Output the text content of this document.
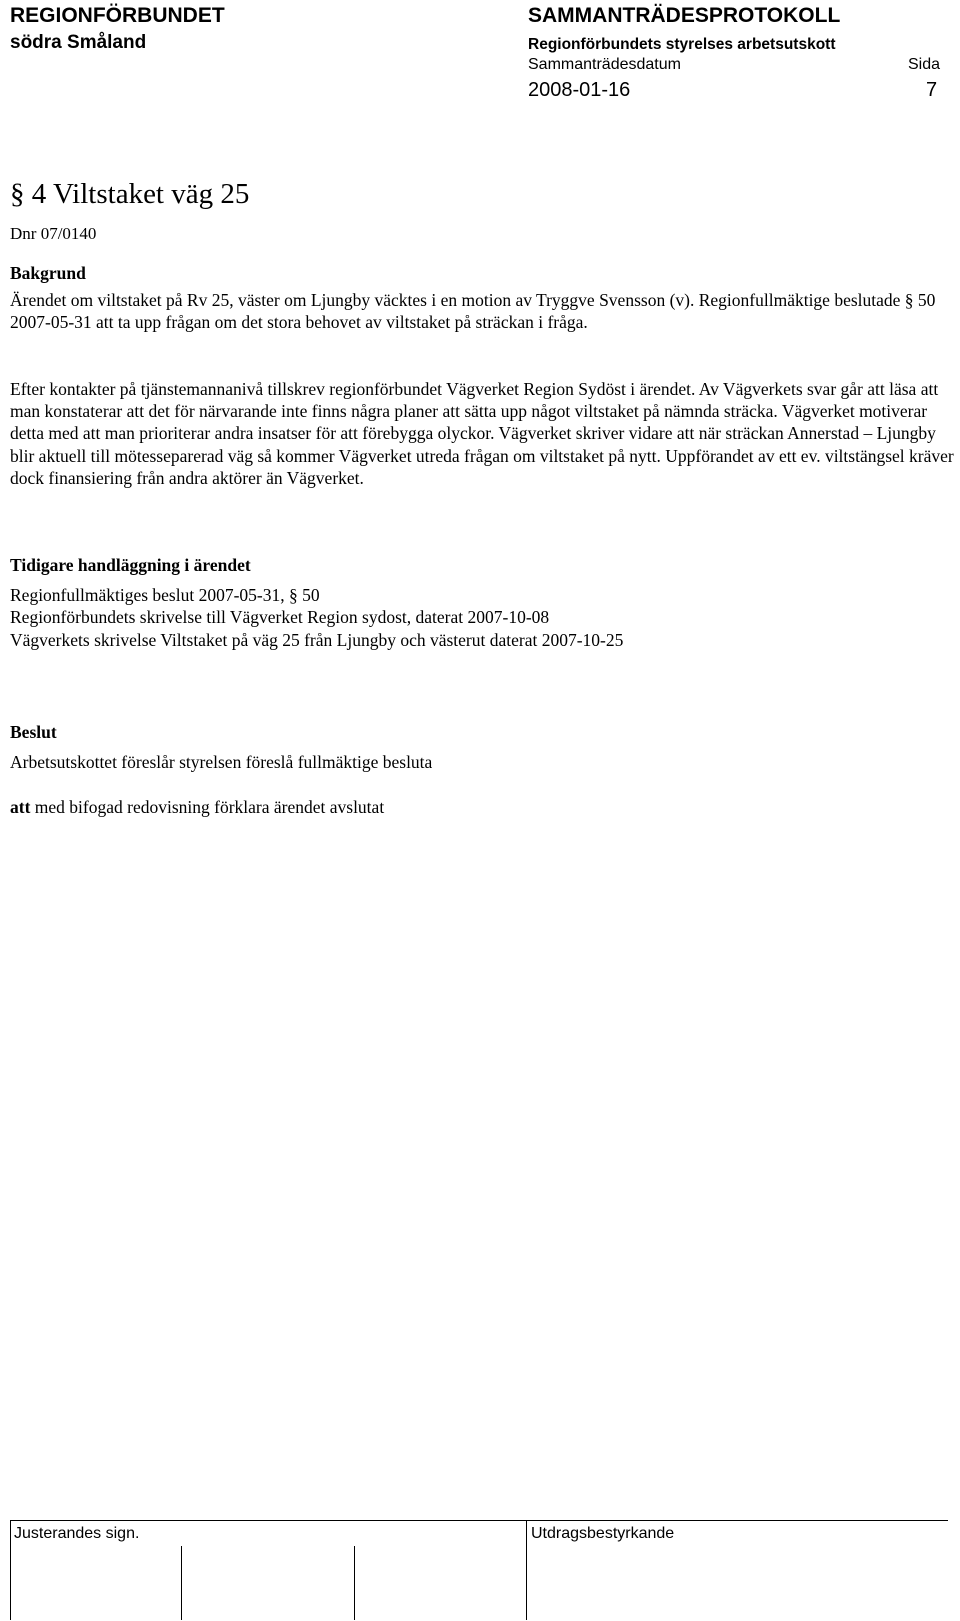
REGIONFÖRBUNDET
södra Småland
SAMMANTRÄDESPROTOKOLL
Regionförbundets styrelses arbetsutskott
Sammanträdesdatum	Sida
2008-01-16	7
§ 4 Viltstaket väg 25
Dnr 07/0140
Bakgrund
Ärendet om viltstaket på Rv 25, väster om Ljungby väcktes i en motion av Tryggve Svensson (v). Regionfullmäktige beslutade § 50 2007-05-31 att ta upp frågan om det stora behovet av viltstaket på sträckan i fråga.
Efter kontakter på tjänstemannanivå tillskrev regionförbundet Vägverket Region Sydöst i ärendet. Av Vägverkets svar går att läsa att man konstaterar att det för närvarande inte finns några planer att sätta upp något viltstaket på nämnda sträcka. Vägverket motiverar detta med att man prioriterar andra insatser för att förebygga olyckor. Vägverket skriver vidare att när sträckan Annerstad – Ljungby blir aktuell till mötesseparerad väg så kommer Vägverket utreda frågan om viltstaket på nytt. Uppförandet av ett ev. viltstängsel kräver dock finansiering från andra aktörer än Vägverket.
Tidigare handläggning i ärendet
Regionfullmäktiges beslut 2007-05-31, § 50
Regionförbundets skrivelse till Vägverket Region sydost, daterat 2007-10-08
Vägverkets skrivelse Viltstaket på väg 25 från Ljungby och västerut daterat 2007-10-25
Beslut
Arbetsutskottet föreslår styrelsen föreslå fullmäktige besluta
att med bifogad redovisning förklara ärendet avslutat
Justerandes sign.	Utdragsbestyrkande
